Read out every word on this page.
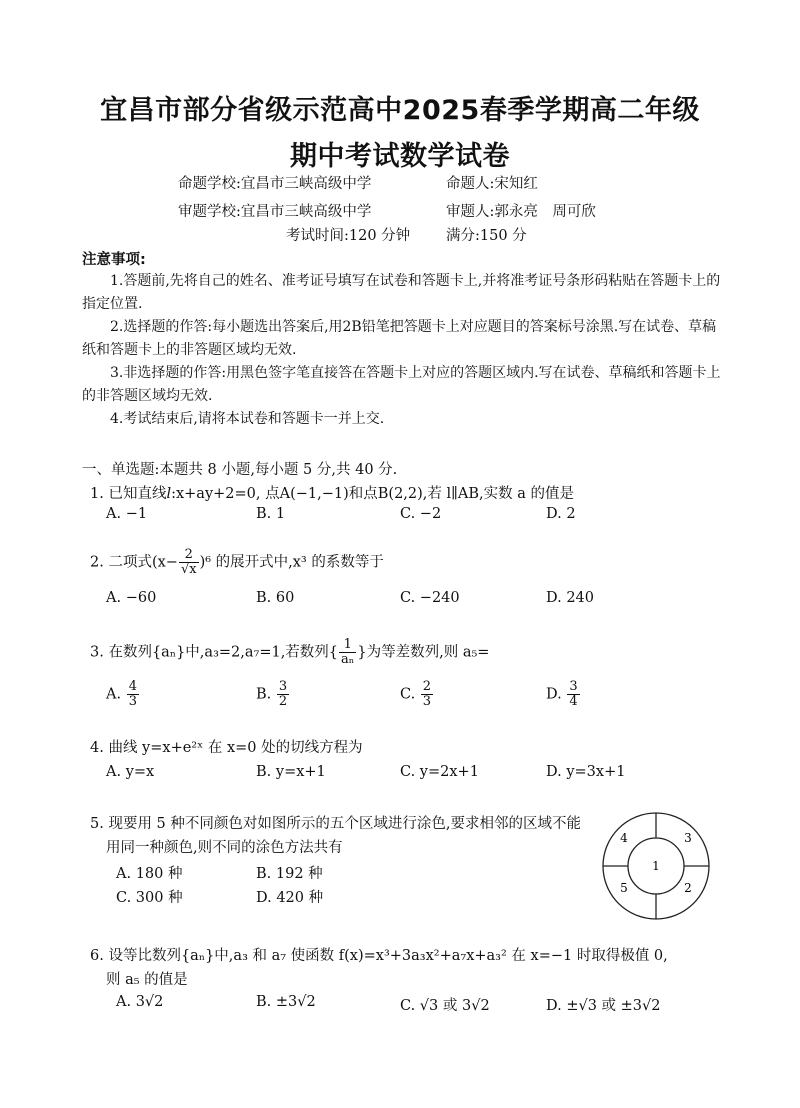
宜昌市部分省级示范高中2025春季学期高二年级
期中考试数学试卷
命题学校:宜昌市三峡高级中学	命题人:宋知红
审题学校:宜昌市三峡高级中学	审题人:郭永亮　周可欣
考试时间:120 分钟 满分:150 分
注意事项:
1.答题前,先将自己的姓名、准考证号填写在试卷和答题卡上,并将准考证号条形码粘贴在答题卡上的指定位置.
2.选择题的作答:每小题选出答案后,用2B铅笔把答题卡上对应题目的答案标号涂黑.写在试卷、草稿纸和答题卡上的非答题区域均无效.
3.非选择题的作答:用黑色签字笔直接答在答题卡上对应的答题区域内.写在试卷、草稿纸和答题卡上的非答题区域均无效.
4.考试结束后,请将本试卷和答题卡一并上交.
一、单选题:本题共 8 小题,每小题 5 分,共 40 分.
1. 已知直线l:x+ay+2=0, 点A(−1,−1)和点B(2,2),若 l∥AB,实数 a 的值是
A. −1	B. 1	C. −2	D. 2
2. 二项式$(x- \frac{2}{√x} )^6$ 的展开式中,x³ 的系数等于
A. −60	B. 60	C. −240	D. 240
3. 在数列{aₙ}中,a₃=2,a₇=1,若数列{ $\frac{1}{\text{aₙ}}$ }为等差数列,则 a₅=
A. $\frac{4}{3}$	B. $\frac{3}{2}$	C. $\frac{2}{3}$	D. $\frac{3}{4}$
4. 曲线 y=x+e²ˣ 在 x=0 处的切线方程为
A. y=x	B. y=x+1	C. y=2x+1	D. y=3x+1
5. 现要用 5 种不同颜色对如图所示的五个区域进行涂色,要求相邻的区域不能
用同一种颜色,则不同的涂色方法共有
A. 180 种	B. 192 种
C. 300 种	D. 420 种
1
2
3
4
5
6. 设等比数列{aₙ}中,a₃ 和 a₇ 使函数 f(x)=x³+3a₃x²+a₇x+a₃² 在 x=−1 时取得极值 0,
则 a₅ 的值是
A. 3√2	B. ±3√2	C. √3 或 3√2	D. ±√3 或 ±3√2
